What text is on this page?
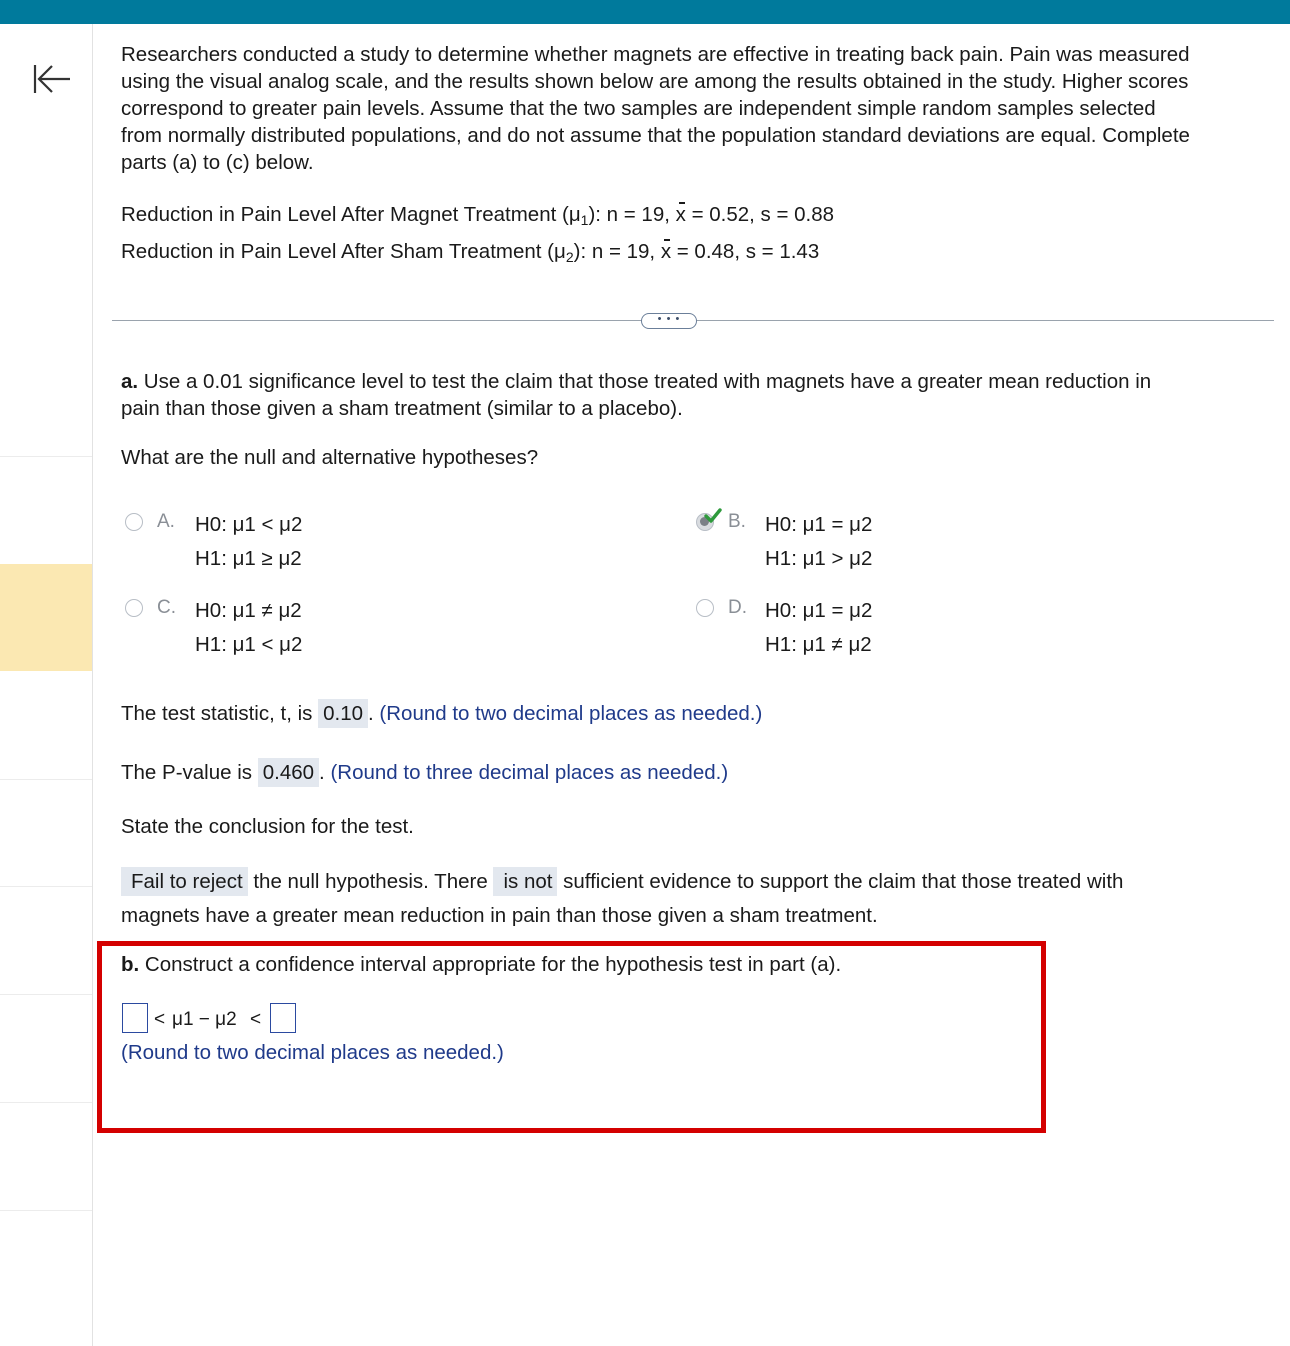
Researchers conducted a study to determine whether magnets are effective in treating back pain. Pain was measured
using the visual analog scale, and the results shown below are among the results obtained in the study. Higher scores
correspond to greater pain levels. Assume that the two samples are independent simple random samples selected
from normally distributed populations, and do not assume that the population standard deviations are equal. Complete
parts (a) to (c) below.
Reduction in Pain Level After Magnet Treatment $(\mu_1)$: n = 19, x = 0.52, s = 0.88
Reduction in Pain Level After Sham Treatment $(\mu_2)$: n = 19, x = 0.48, s = 1.43
• • •
a. Use a 0.01 significance level to test the claim that those treated with magnets have a greater mean reduction in
pain than those given a sham treatment (similar to a placebo).
What are the null and alternative hypotheses?
A. H0: μ1 < μ2
H1: μ1 ≥ μ2
B. H0: μ1 = μ2
H1: μ1 > μ2
C. H0: μ1 ≠ μ2
H1: μ1 < μ2
D. H0: μ1 = μ2
H1: μ1 ≠ μ2
The test statistic, t, is 0.10 . (Round to two decimal places as needed.)
The P-value is 0.460 . (Round to three decimal places as needed.)
State the conclusion for the test.
Fail to reject the null hypothesis. There is not sufficient evidence to support the claim that those treated with
magnets have a greater mean reduction in pain than those given a sham treatment.
b. Construct a confidence interval appropriate for the hypothesis test in part (a).
< μ1 − μ2 <
(Round to two decimal places as needed.)
